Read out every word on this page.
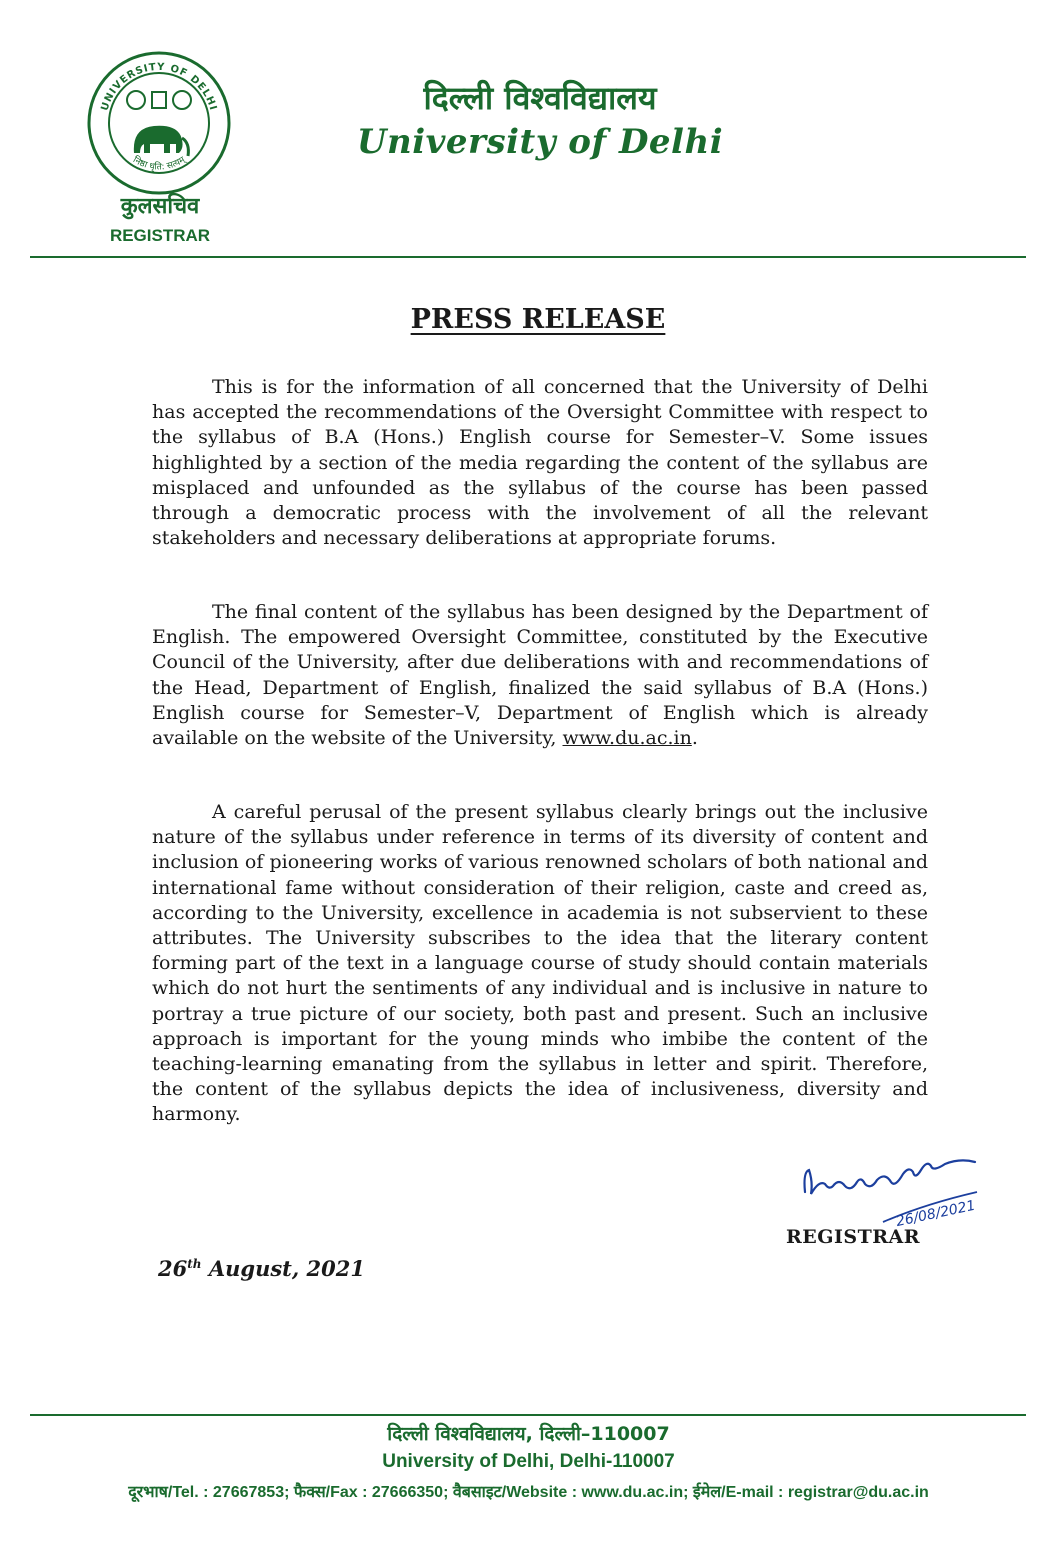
UNIVERSITY OF DELHI
निष्ठा धृति: सत्यम्
दिल्ली विश्वविद्यालय
University of Delhi
कुलसचिव
REGISTRAR
PRESS RELEASE

This is for the information of all concerned that the University of Delhi has accepted the recommendations of the Oversight Committee with respect to the syllabus of B.A (Hons.) English course for Semester–V. Some issues highlighted by a section of the media regarding the content of the syllabus are misplaced and unfounded as the syllabus of the course has been passed through a democratic process with the involvement of all the relevant stakeholders and necessary deliberations at appropriate forums.

The final content of the syllabus has been designed by the Department of English. The empowered Oversight Committee, constituted by the Executive Council of the University, after due deliberations with and recommendations of the Head, Department of English, finalized the said syllabus of B.A (Hons.) English course for Semester–V, Department of English which is already available on the website of the University, www.du.ac.in.

A careful perusal of the present syllabus clearly brings out the inclusive nature of the syllabus under reference in terms of its diversity of content and inclusion of pioneering works of various renowned scholars of both national and international fame without consideration of their religion, caste and creed as, according to the University, excellence in academia is not subservient to these attributes. The University subscribes to the idea that the literary content forming part of the text in a language course of study should contain materials which do not hurt the sentiments of any individual and is inclusive in nature to portray a true picture of our society, both past and present. Such an inclusive approach is important for the young minds who imbibe the content of the teaching-learning emanating from the syllabus in letter and spirit. Therefore, the content of the syllabus depicts the idea of inclusiveness, diversity and harmony.

26/08/2021
REGISTRAR
26th August, 2021
दिल्ली विश्वविद्यालय, दिल्ली–110007
University of Delhi, Delhi-110007
दूरभाष/Tel. : 27667853; फैक्स/Fax : 27666350; वैबसाइट/Website : www.du.ac.in; ईमेल/E-mail : registrar@du.ac.in
